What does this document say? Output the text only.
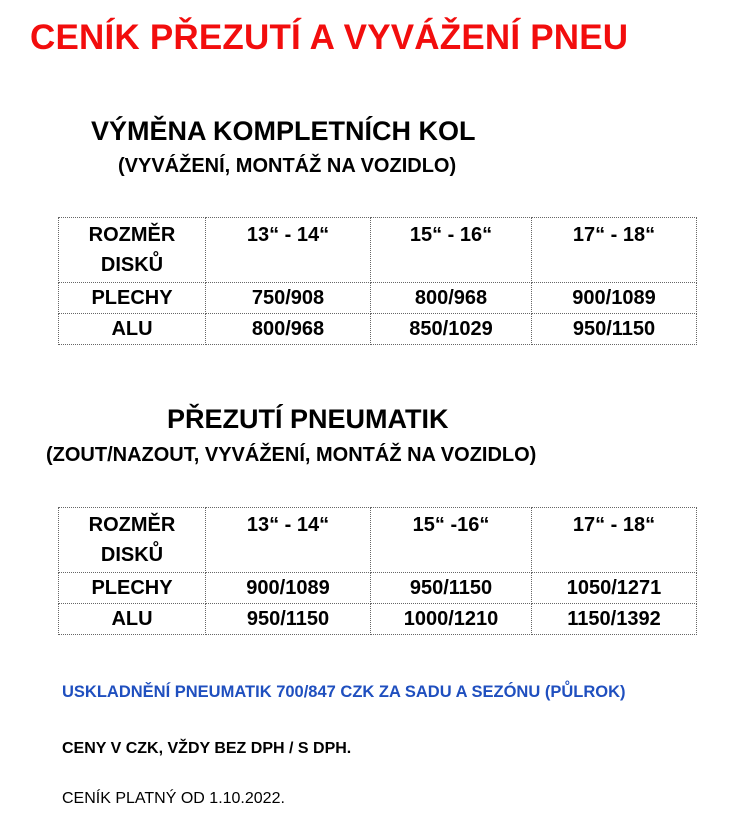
CENÍK PŘEZUTÍ A VYVÁŽENÍ PNEU
VÝMĚNA KOMPLETNÍCH KOL
(VYVÁŽENÍ, MONTÁŽ NA VOZIDLO)
ROZMĚR
DISKŮ	13“ - 14“	15“ - 16“	17“ - 18“
PLECHY	750/908	800/968	900/1089
ALU	800/968	850/1029	950/1150
PŘEZUTÍ PNEUMATIK
(ZOUT/NAZOUT, VYVÁŽENÍ, MONTÁŽ NA VOZIDLO)
ROZMĚR
DISKŮ	13“ - 14“	15“ -16“	17“ - 18“
PLECHY	900/1089	950/1150	1050/1271
ALU	950/1150	1000/1210	1150/1392

USKLADNĚNÍ PNEUMATIK 700/847 CZK ZA SADU A SEZÓNU (PŮLROK)

CENY V CZK, VŽDY BEZ DPH / S DPH.

CENÍK PLATNÝ OD 1.10.2022.
